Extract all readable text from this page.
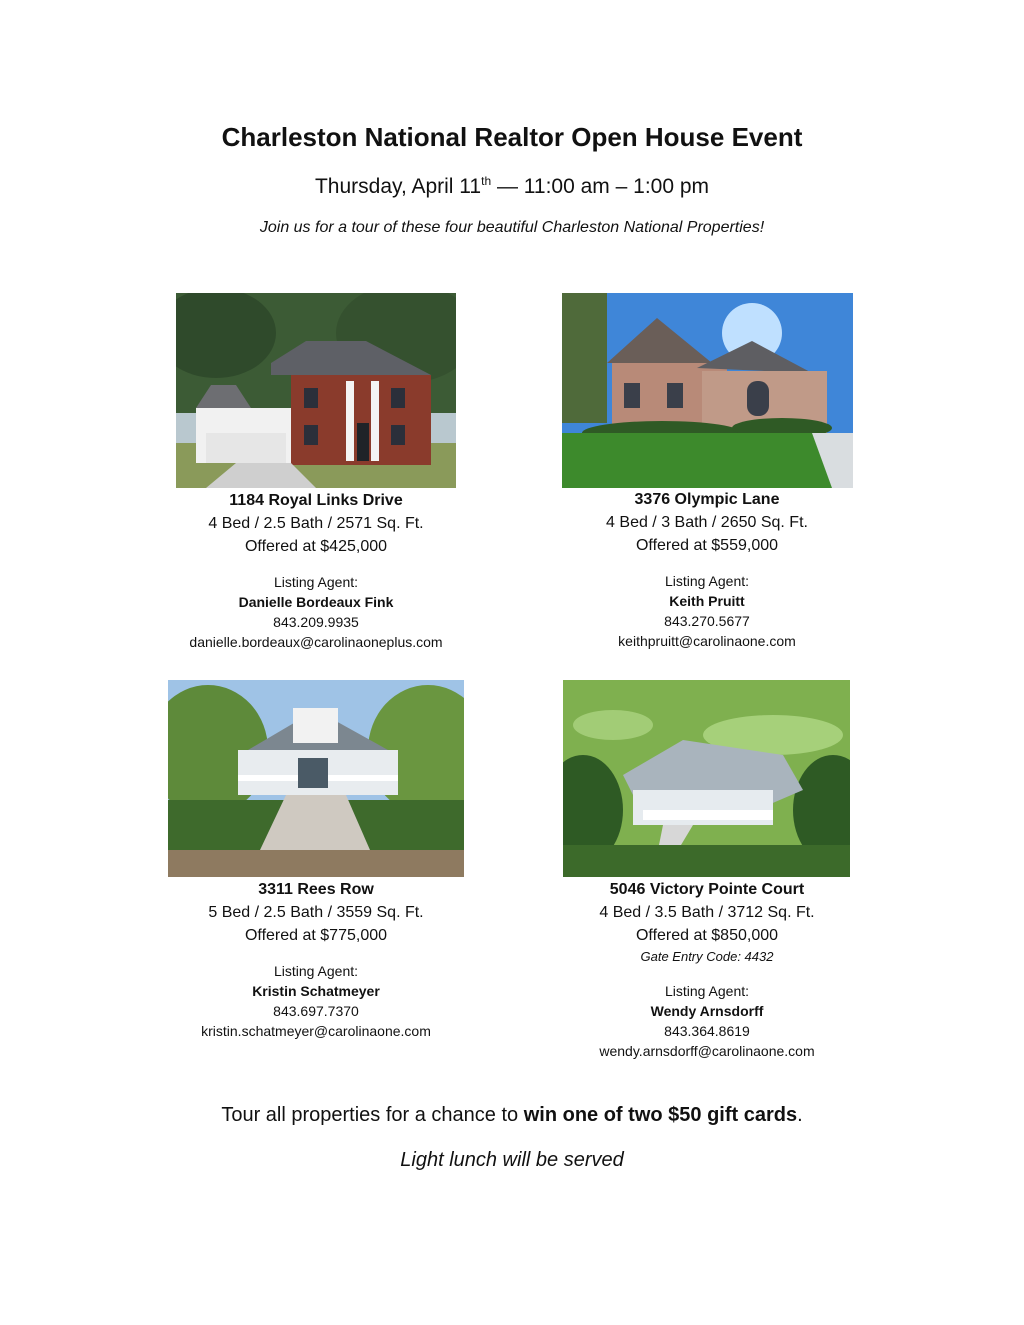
Charleston National Realtor Open House Event
Thursday, April 11th — 11:00 am – 1:00 pm
Join us for a tour of these four beautiful Charleston National Properties!
1184 Royal Links Drive
4 Bed / 2.5 Bath / 2571 Sq. Ft.
Offered at $425,000
Listing Agent:
Danielle Bordeaux Fink
843.209.9935
danielle.bordeaux@carolinaoneplus.com
3376 Olympic Lane
4 Bed / 3 Bath / 2650 Sq. Ft.
Offered at $559,000
Listing Agent:
Keith Pruitt
843.270.5677
keithpruitt@carolinaone.com
3311 Rees Row
5 Bed / 2.5 Bath / 3559 Sq. Ft.
Offered at $775,000
Listing Agent:
Kristin Schatmeyer
843.697.7370
kristin.schatmeyer@carolinaone.com
5046 Victory Pointe Court
4 Bed / 3.5 Bath / 3712 Sq. Ft.
Offered at $850,000
Gate Entry Code: 4432
Listing Agent:
Wendy Arnsdorff
843.364.8619
wendy.arnsdorff@carolinaone.com
Tour all properties for a chance to win one of two $50 gift cards.
Light lunch will be served
